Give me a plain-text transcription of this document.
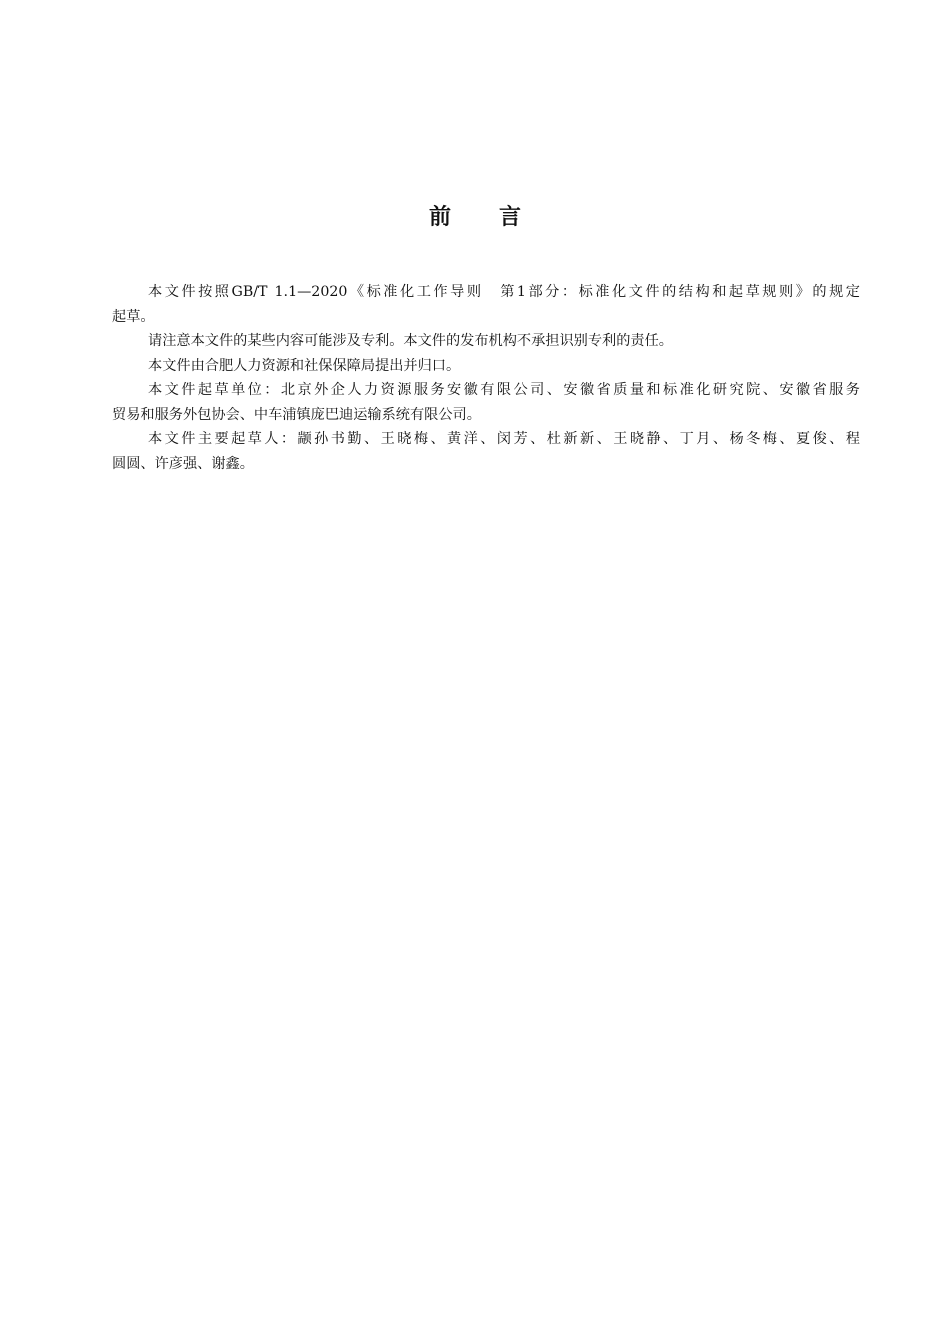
前言

本文件按照GB/T 1.1—2020《标准化工作导则　第1部分：标准化文件的结构和起草规则》的规定
起草。

请注意本文件的某些内容可能涉及专利。本文件的发布机构不承担识别专利的责任。

本文件由合肥人力资源和社保保障局提出并归口。

本文件起草单位：北京外企人力资源服务安徽有限公司、安徽省质量和标准化研究院、安徽省服务
贸易和服务外包协会、中车浦镇庞巴迪运输系统有限公司。

本文件主要起草人：颛孙书勤、王晓梅、黄洋、闵芳、杜新新、王晓静、丁月、杨冬梅、夏俊、程
圆圆、许彦强、谢鑫。
